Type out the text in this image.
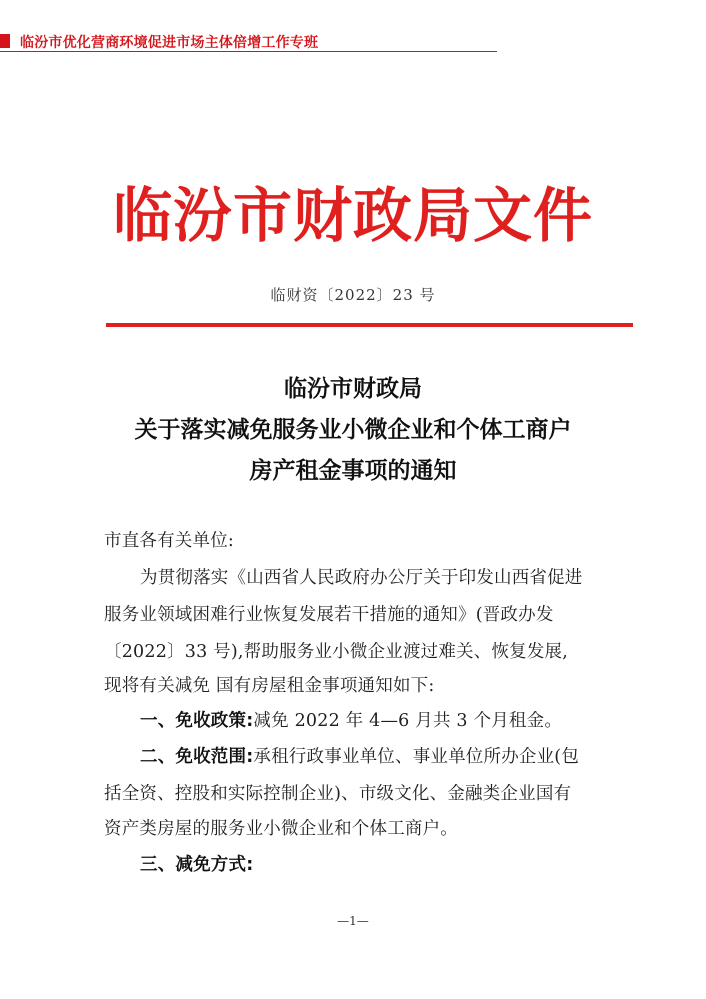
临汾市优化营商环境促进市场主体倍增工作专班
临汾市财政局文件
临财资〔2022〕23 号
临汾市财政局
关于落实减免服务业小微企业和个体工商户
房产租金事项的通知
市直各有关单位:
为贯彻落实《山西省人民政府办公厅关于印发山西省促进
服务业领域困难行业恢复发展若干措施的通知》(晋政办发
〔2022〕33 号),帮助服务业小微企业渡过难关、恢复发展,
现将有关减免 国有房屋租金事项通知如下:
一、免收政策:减免 2022 年 4—6 月共 3 个月租金。
二、免收范围:承租行政事业单位、事业单位所办企业(包
括全资、控股和实际控制企业)、市级文化、金融类企业国有
资产类房屋的服务业小微企业和个体工商户。
三、减免方式:
—1—
